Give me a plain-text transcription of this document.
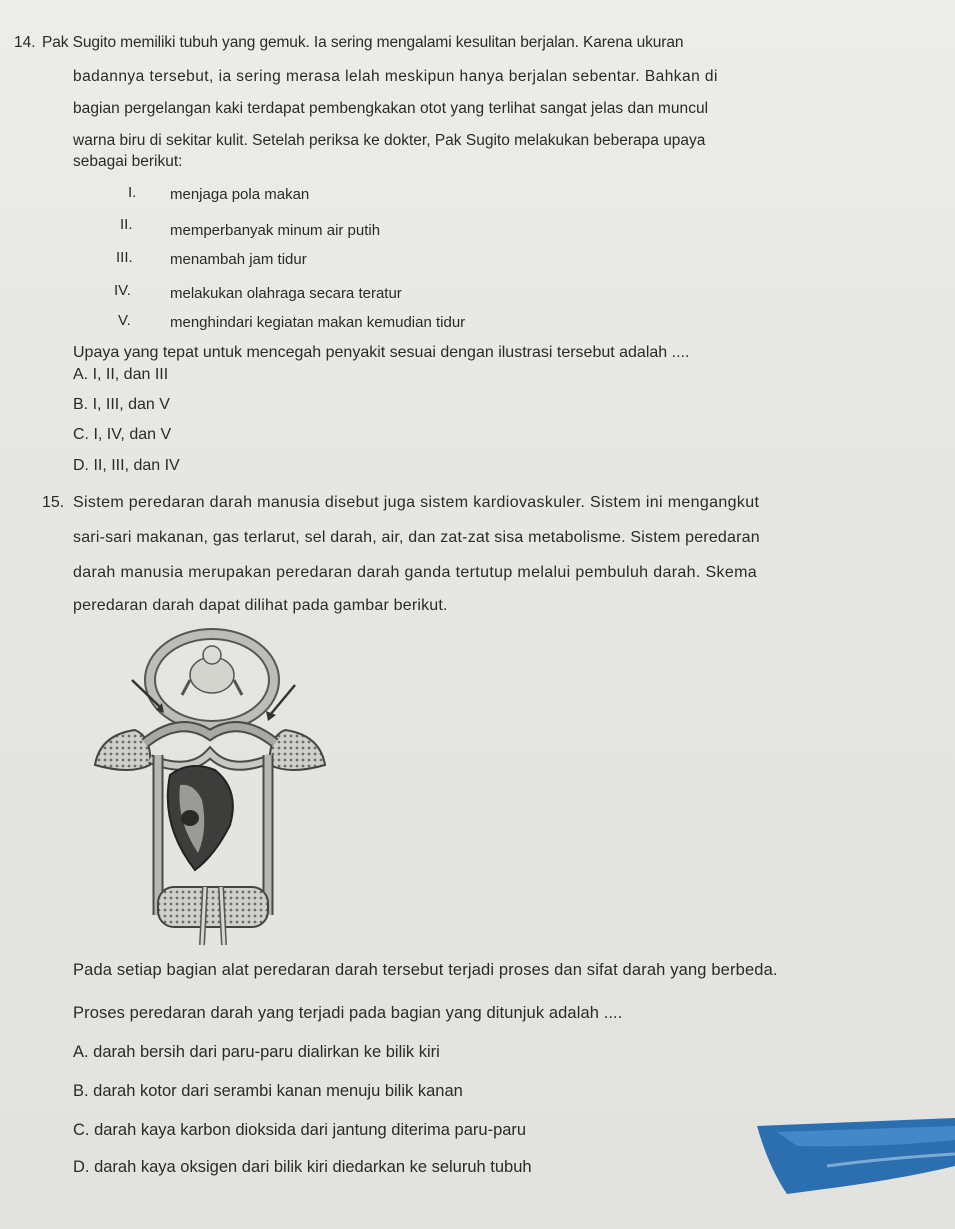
14. Pak Sugito memiliki tubuh yang gemuk. Ia sering mengalami kesulitan berjalan. Karena ukuran
badannya tersebut, ia sering merasa lelah meskipun hanya berjalan sebentar. Bahkan di
bagian pergelangan kaki terdapat pembengkakan otot yang terlihat sangat jelas dan muncul
warna biru di sekitar kulit. Setelah periksa ke dokter, Pak Sugito melakukan beberapa upaya
sebagai berikut:
I. menjaga pola makan
II. memperbanyak minum air putih
III. menambah jam tidur
IV.	melakukan olahraga secara teratur
V.	menghindari kegiatan makan kemudian tidur
Upaya yang tepat untuk mencegah penyakit sesuai dengan ilustrasi tersebut adalah ....
A. I, II, dan III
B. I, III, dan V
C. I, IV, dan V
D. II, III, dan IV
15. Sistem peredaran darah manusia disebut juga sistem kardiovaskuler. Sistem ini mengangkut
sari-sari makanan, gas terlarut, sel darah, air, dan zat-zat sisa metabolisme. Sistem peredaran
darah manusia merupakan peredaran darah ganda tertutup melalui pembuluh darah. Skema
peredaran darah dapat dilihat pada gambar berikut.
Pada setiap bagian alat peredaran darah tersebut terjadi proses dan sifat darah yang berbeda.
Proses peredaran darah yang terjadi pada bagian yang ditunjuk adalah ....
A. darah bersih dari paru-paru dialirkan ke bilik kiri
B. darah kotor dari serambi kanan menuju bilik kanan
C. darah kaya karbon dioksida dari jantung diterima paru-paru
D. darah kaya oksigen dari bilik kiri diedarkan ke seluruh tubuh
